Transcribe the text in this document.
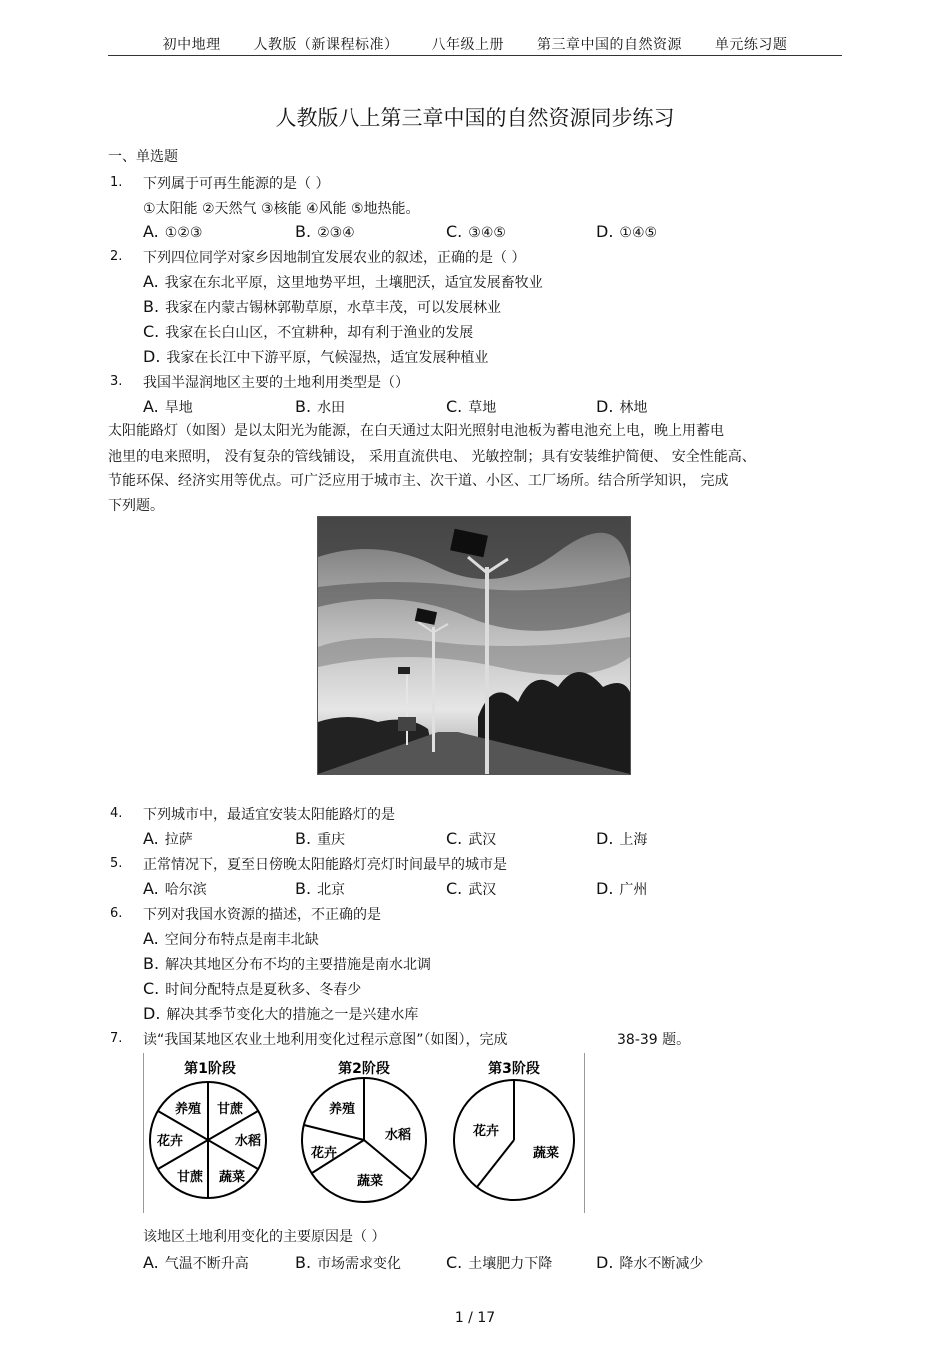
初中地理 人教版（新课程标准） 八年级上册 第三章中国的自然资源 单元练习题
人教版八上第三章中国的自然资源同步练习
一、单选题
1. 下列属于可再生能源的是（ ）
①太阳能 ②天然气 ③核能 ④风能 ⑤地热能。
A. ①②③	B. ②③④	C. ③④⑤	D. ①④⑤
2. 下列四位同学对家乡因地制宜发展农业的叙述，正确的是（ ）
A. 我家在东北平原，这里地势平坦，土壤肥沃，适宜发展畜牧业
B. 我家在内蒙古锡林郭勒草原，水草丰茂，可以发展林业
C. 我家在长白山区，不宜耕种，却有利于渔业的发展
D. 我家在长江中下游平原，气候湿热，适宜发展种植业
3. 我国半湿润地区主要的土地利用类型是（）
A. 旱地	B. 水田	C. 草地	D. 林地
太阳能路灯（如图）是以太阳光为能源，在白天通过太阳光照射电池板为蓄电池充上电，晚上用蓄电
池里的电来照明， 没有复杂的管线铺设， 采用直流供电、 光敏控制；具有安装维护简便、 安全性能高、
节能环保、经济实用等优点。可广泛应用于城市主、次干道、小区、工厂场所。结合所学知识， 完成
下列题。
4. 下列城市中，最适宜安装太阳能路灯的是
A. 拉萨	B. 重庆	C. 武汉	D. 上海
5. 正常情况下，夏至日傍晚太阳能路灯亮灯时间最早的城市是
A. 哈尔滨	B. 北京	C. 武汉	D. 广州
6. 下列对我国水资源的描述，不正确的是
A. 空间分布特点是南丰北缺
B. 解决其地区分布不均的主要措施是南水北调
C. 时间分配特点是夏秋多、冬春少
D. 解决其季节变化大的措施之一是兴建水库
7. 读“我国某地区农业土地利用变化过程示意图”（如图），完成	38-39 题。
第1阶段
养殖 甘蔗
花卉	水稻
甘蔗 蔬菜
第2阶段
养殖
水稻
花卉
蔬菜
第3阶段
花卉
蔬菜
该地区土地利用变化的主要原因是（ ）
A. 气温不断升高	B. 市场需求变化	C. 土壤肥力下降	D. 降水不断减少
1 / 17
